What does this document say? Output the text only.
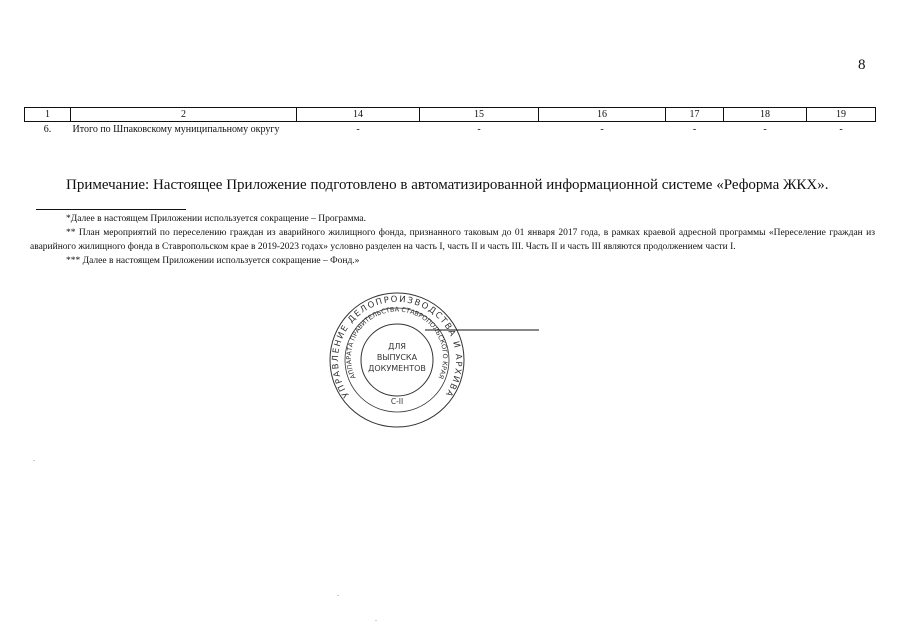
8
1	2	14	15	16	17	18	19
6.	Итого по Шпаковскому муниципальному округу	-	-	-	-	-	-
Примечание: Настоящее Приложение подготовлено в автоматизированной информационной системе «Реформа ЖКХ».

*Далее в настоящем Приложении используется сокращение – Программа.

** План мероприятий по переселению граждан из аварийного жилищного фонда, признанного таковым до 01 января 2017 года, в рамках краевой адресной программы «Переселение граждан из аварийного жилищного фонда в Ставропольском крае в 2019-2023 годах» условно разделен на часть I, часть II и часть III. Часть II и часть III являются продолжением части I.

*** Далее в настоящем Приложении используется сокращение – Фонд.»

УПРАВЛЕНИЕ ДЕЛОПРОИЗВОДСТВА И АРХИВА
АППАРАТА ПРАВИТЕЛЬСТВА СТАВРОПОЛЬСКОГО КРАЯ
ДЛЯ
ВЫПУСКА
ДОКУМЕНТОВ
С-II
